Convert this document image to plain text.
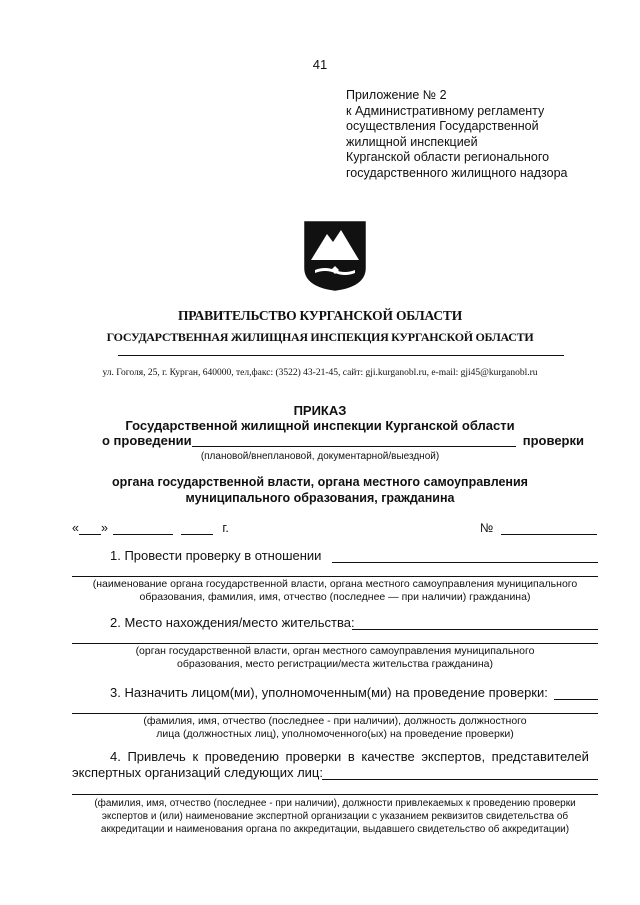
41
Приложение № 2
к Административному регламенту
осуществления Государственной
жилищной инспекцией
Курганской области регионального
государственного жилищного надзора
ПРАВИТЕЛЬСТВО КУРГАНСКОЙ ОБЛАСТИ
ГОСУДАРСТВЕННАЯ ЖИЛИЩНАЯ ИНСПЕКЦИЯ КУРГАНСКОЙ ОБЛАСТИ
ул. Гоголя, 25, г. Курган, 640000, тел,факс: (3522) 43-21-45, сайт: gji.kurganobl.ru, e-mail: gji45@kurganobl.ru
ПРИКАЗ
Государственной жилищной инспекции Курганской области
о проведении	проверки
(плановой/внеплановой, документарной/выездной)
органа государственной власти, органа местного самоуправления
муниципального образования, гражданина
« »	г.	№
1. Провести проверку в отношении
(наименование органа государственной власти, органа местного самоуправления муниципального
образования, фамилия, имя, отчество (последнее — при наличии) гражданина)
2. Место нахождения/место жительства:
(орган государственной власти, орган местного самоуправления муниципального
образования, место регистрации/места жительства гражданина)
3. Назначить лицом(ми), уполномоченным(ми) на проведение проверки:
(фамилия, имя, отчество (последнее - при наличии), должность должностного
лица (должностных лиц), уполномоченного(ых) на проведение проверки)
4. Привлечь к проведению проверки в качестве экспертов, представителей
экспертных организаций следующих лиц:
(фамилия, имя, отчество (последнее - при наличии), должности привлекаемых к проведению проверки
экспертов и (или) наименование экспертной организации с указанием реквизитов свидетельства об
аккредитации и наименования органа по аккредитации, выдавшего свидетельство об аккредитации)
